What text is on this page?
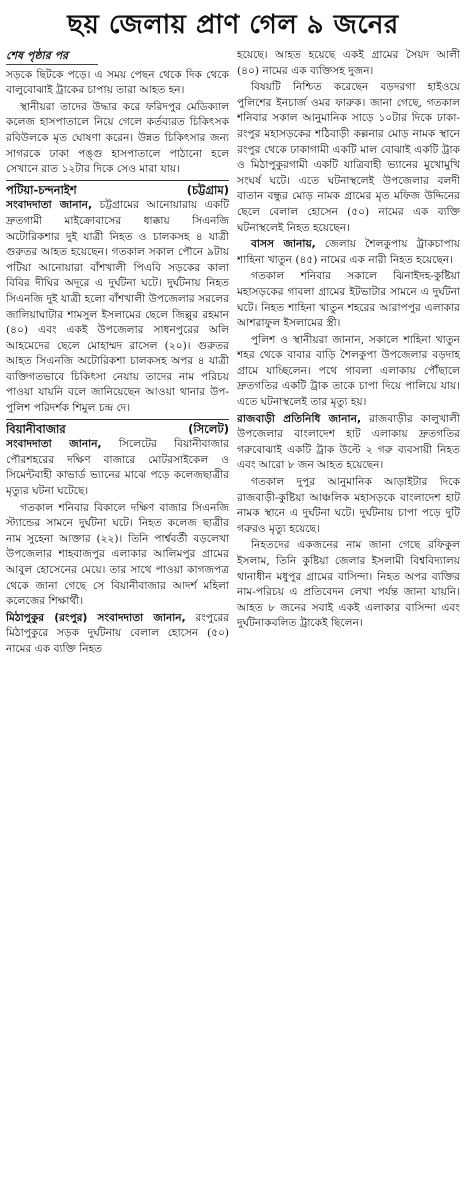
ছয় জেলায় প্রাণ গেল ৯ জনের

শেষ পৃষ্ঠার পর

সড়কে ছিটকে পড়ে। এ সময় পেছন থেকে দিক থেকে বালুবোঝাই ট্রাকের চাপায় তারা আহত হন।

স্থানীয়রা তাদের উদ্ধার করে ফরিদপুর মেডিক্যাল কলেজ হাসপাতালে নিয়ে গেলে কর্তব্যরত চিকিৎসক রবিউলকে মৃত ঘোষণা করেন। উন্নত চিকিৎসার জন্য সাগরকে ঢাকা পঙ্গু হাসপাতালে পাঠানো হলে সেখানে রাত ১২টার দিকে সেও মারা যায়।

পটিয়া-চন্দনাইশ	(চট্টগ্রাম)

সংবাদদাতা জানান, চট্টগ্রামের আনোয়ারায় একটি দ্রুতগামী মাইক্রোবাসের ধাক্কায় সিএনজি অটোরিকশার দুই যাত্রী নিহত ও চালকসহ ৪ যাত্রী গুরুতর আহত হয়েছেন। গতকাল সকাল পৌনে ৯টায় পটিয়া আনোয়ারা বাঁশখালী পিএবি সড়কের কালা বিবির দীঘির অদূরে এ দুর্ঘটনা ঘটে। দুর্ঘটনায় নিহত সিএনজি দুই যাত্রী হলো বাঁশখালী উপজেলার সরলের জালিয়াঘাটার শামসুল ইসলামের ছেলে জিল্লুর রহমান (৪০) এবং একই উপজেলার সাধনপুরের অলি আহমেদের ছেলে মোহাম্মদ রাসেল (২০)। গুরুতর আহত সিএনজি অটোরিকশা চালকসহ অপর ৪ যাত্রী ব্যক্তিগতভাবে চিকিৎসা নেয়ায় তাদের নাম পরিচয় পাওয়া যায়নি বলে জানিয়েছেন আওয়া থানার উপ-পুলিশ পরিদর্শক শিমুল চন্দ্র দে।

বিয়ানীবাজার	(সিলেট)

সংবাদদাতা জানান, সিলেটের বিয়ানীবাজার পৌরশহরের দক্ষিণ বাজারে মোটরসাইকেল ও সিমেন্টবাহী কাভার্ড ভ্যানের মাঝে পড়ে কলেজছাত্রীর মৃত্যুর ঘটনা ঘটেছে।

গতকাল শনিবার বিকালে দক্ষিণ বাজার সিএনজি স্ট্যান্ডের সামনে দুর্ঘটনা ঘটে। নিহত কলেজ ছাত্রীর নাম সুহেনা আক্তার (২২)। তিনি পার্শ্ববর্তী বড়লেখা উপজেলার শাহবাজপুর এলাকার আলিমপুর গ্রামের আবুল হোসেনের মেয়ে। তার সাথে পাওয়া কাগজপত্র থেকে জানা গেছে সে বিয়ানীবাজার আদর্শ মহিলা কলেজের শিক্ষার্থী।

মিঠাপুকুর (রংপুর) সংবাদদাতা জানান, রংপুরের মিঠাপুকুরে সড়ক দুর্ঘটনায় বেলাল হোসেন (৫০) নামের এক ব্যক্তি নিহত

হয়েছে। আহত হয়েছে একই গ্রামের সৈয়দ আলী (৪০) নামের এক ব্যক্তিসহ দুজন।

বিষয়টি নিশ্চিত করেছেন বড়দরগা হাইওয়ে পুলিশের ইনচার্জ ওমর ফারুক। জানা গেছে, গতকাল শনিবার সকাল আনুমানিক সাড়ে ১০টার দিকে ঢাকা-রংপুর মহাসড়কের শঠিবাড়ী কল্লনার মোড় নামক স্থানে রংপুর থেকে ঢাকাগামী একটি মাল বোঝাই একটি ট্রাক ও মিঠাপুকুরগামী একটি যাত্রিবাহী ভ্যানের মুখোমুখি সংঘর্ষ ঘটে। এতে ঘটনাস্থলেই উপজেলার বলদী বাতান বন্ধুর মোড় নামক গ্রামের মৃত মফিজ উদ্দিনের ছেলে বেলাল হোসেন (৫০) নামের এক ব্যক্তি ঘটনাস্থলেই নিহত হয়েছেন।

বাসস জানায়, জেলায় শৈলকুপায় ট্রাকচাপায় শাহিনা খাতুন (৪৫) নামের এক নারী নিহত হয়েছেন।

গতকাল শনিবার সকালে ঝিনাইদহ-কুষ্টিয়া মহাসড়কের গাবলা গ্রামের ইটভাটার সামনে এ দুর্ঘটনা ঘটে। নিহত শাহিনা খাতুন শহরের আরাপপুর এলাকার আশরাফুল ইসলামের স্ত্রী।

পুলিশ ও স্থানীয়রা জানান, সকালে শাহিনা খাতুন শহর থেকে বাবার বাড়ি শৈলকুপা উপজেলার বড়দাহ গ্রামে যাচ্ছিলেন। পথে গাবলা এলাকায় পৌঁছালে দ্রুতগতির একটি ট্রাক তাকে চাপা দিয়ে পালিয়ে যায়। এতে ঘটনাস্থলেই তার মৃত্যু হয়।

রাজবাড়ী প্রতিনিধি জানান, রাজবাড়ীর কালুখালী উপজেলার বাংলাদেশ হাট এলাকায় দ্রুতগতির গরুবোঝাই একটি ট্রাক উল্টে ২ গরু ব্যবসায়ী নিহত এবং আরো ৮ জন আহত হয়েছেন।

গতকাল দুপুর আনুমানিক আড়াইটার দিকে রাজবাড়ী-কুষ্টিয়া আঞ্চলিক মহাসড়কে বাংলাদেশ হাট নামক স্থানে এ দুর্ঘটনা ঘটে। দুর্ঘটনায় চাপা পড়ে দুটি গরুরও মৃত্যু হয়েছে।

নিহতদের একজনের নাম জানা গেছে রফিকুল ইসলাম, তিনি কুষ্টিয়া জেলার ইসলামী বিশ্ববিদ্যালয় থানাধীন মধুপুর গ্রামের বাসিন্দা। নিহত অপর ব্যক্তির নাম-পরিচয় এ প্রতিবেদন লেখা পর্যন্ত জানা যায়নি। আহত ৮ জনের সবাই একই এলাকার বাসিন্দা এবং দুর্ঘটনাকবলিত ট্রাকেই ছিলেন।
